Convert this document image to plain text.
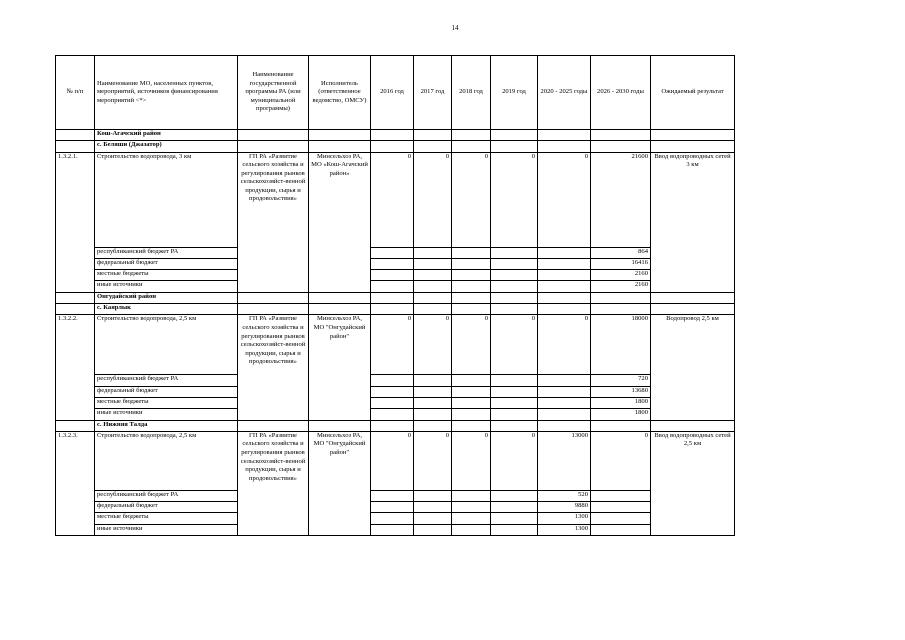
14
№ п/п	Наименование МО, населенных пунктов, мероприятий, источников финансирования мероприятий <*>	Наименование государственной программы РА (или муниципальной программы)	Исполнитель (ответственное ведомство, ОМСУ)	2016 год	2017 год	2018 год	2019 год	2020 - 2025 годы	2026 - 2030 годы	Ожидаемый результат
	Кош-Агачский район									
	с. Беляши (Джазатор)									
1.3.2.1.	Строительство водопровода, 3 км	ГП РА «Развитие сельского хозяйства и регулирования рынков сельскохозяйст-венной продукции, сырья и продовольствия»	Минсельхоз РА, МО «Кош-Агачский район»	0	0	0	0	0	21600	Ввод водопроводных сетей 3 км
	республиканский бюджет РА								864	
	федеральный бюджет								16416	
	местные бюджеты								2160	
	иные источники								2160	
	Онгудайский район									
	с. Каярлык									
1.3.2.2.	Строительство водопровода, 2,5 км	ГП РА «Развитие сельского хозяйства и регулирования рынков сельскохозяйст-венной продукции, сырья и продовольствия»	Минсельхоз РА, МО "Онгудайский район"	0	0	0	0	0	18000	Водопровод 2,5 км
	республиканский бюджет РА								720	
	федеральный бюджет								13680	
	местные бюджеты								1800	
	иные источники								1800	
	с. Нижняя Талда									
1.3.2.3.	Строительство водопровода, 2,5 км	ГП РА «Развитие сельского хозяйства и регулирования рынков сельскохозяйст-венной продукции, сырья и продовольствия»	Минсельхоз РА, МО "Онгудайский район"	0	0	0	0	13000	0	Ввод водопроводных сетей 2,5 км
	республиканский бюджет РА							520		
	федеральный бюджет							9880		
	местные бюджеты							1300		
	иные источники							1300		
